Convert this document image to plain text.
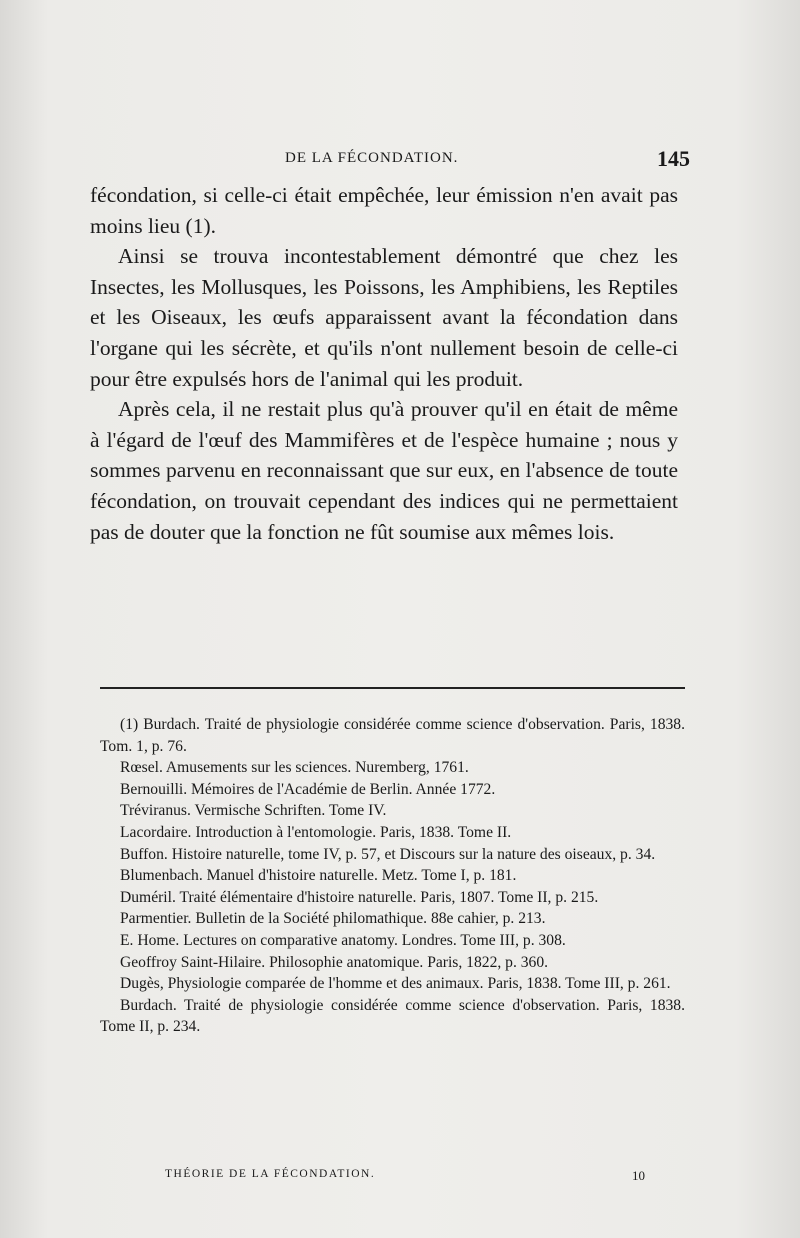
DE LA FÉCONDATION.	145

fécondation, si celle-ci était empêchée, leur émission n'en avait pas moins lieu (1).

Ainsi se trouva incontestablement démontré que chez les Insectes, les Mollusques, les Poissons, les Amphibiens, les Reptiles et les Oiseaux, les œufs apparaissent avant la fécondation dans l'organe qui les sécrète, et qu'ils n'ont nullement besoin de celle-ci pour être expulsés hors de l'animal qui les produit.

Après cela, il ne restait plus qu'à prouver qu'il en était de même à l'égard de l'œuf des Mammifères et de l'espèce humaine ; nous y sommes parvenu en reconnaissant que sur eux, en l'absence de toute fécondation, on trouvait cependant des indices qui ne permettaient pas de douter que la fonction ne fût soumise aux mêmes lois.

(1) Burdach. Traité de physiologie considérée comme science d'observation. Paris, 1838. Tom. 1, p. 76.

Rœsel. Amusements sur les sciences. Nuremberg, 1761.

Bernouilli. Mémoires de l'Académie de Berlin. Année 1772.

Tréviranus. Vermische Schriften. Tome IV.

Lacordaire. Introduction à l'entomologie. Paris, 1838. Tome II.

Buffon. Histoire naturelle, tome IV, p. 57, et Discours sur la nature des oiseaux, p. 34.

Blumenbach. Manuel d'histoire naturelle. Metz. Tome I, p. 181.

Duméril. Traité élémentaire d'histoire naturelle. Paris, 1807. Tome II, p. 215.

Parmentier. Bulletin de la Société philomathique. 88e cahier, p. 213.

E. Home. Lectures on comparative anatomy. Londres. Tome III, p. 308.

Geoffroy Saint-Hilaire. Philosophie anatomique. Paris, 1822, p. 360.

Dugès, Physiologie comparée de l'homme et des animaux. Paris, 1838. Tome III, p. 261.

Burdach. Traité de physiologie considérée comme science d'observation. Paris, 1838. Tome II, p. 234.

THÉORIE DE LA FÉCONDATION.	10
